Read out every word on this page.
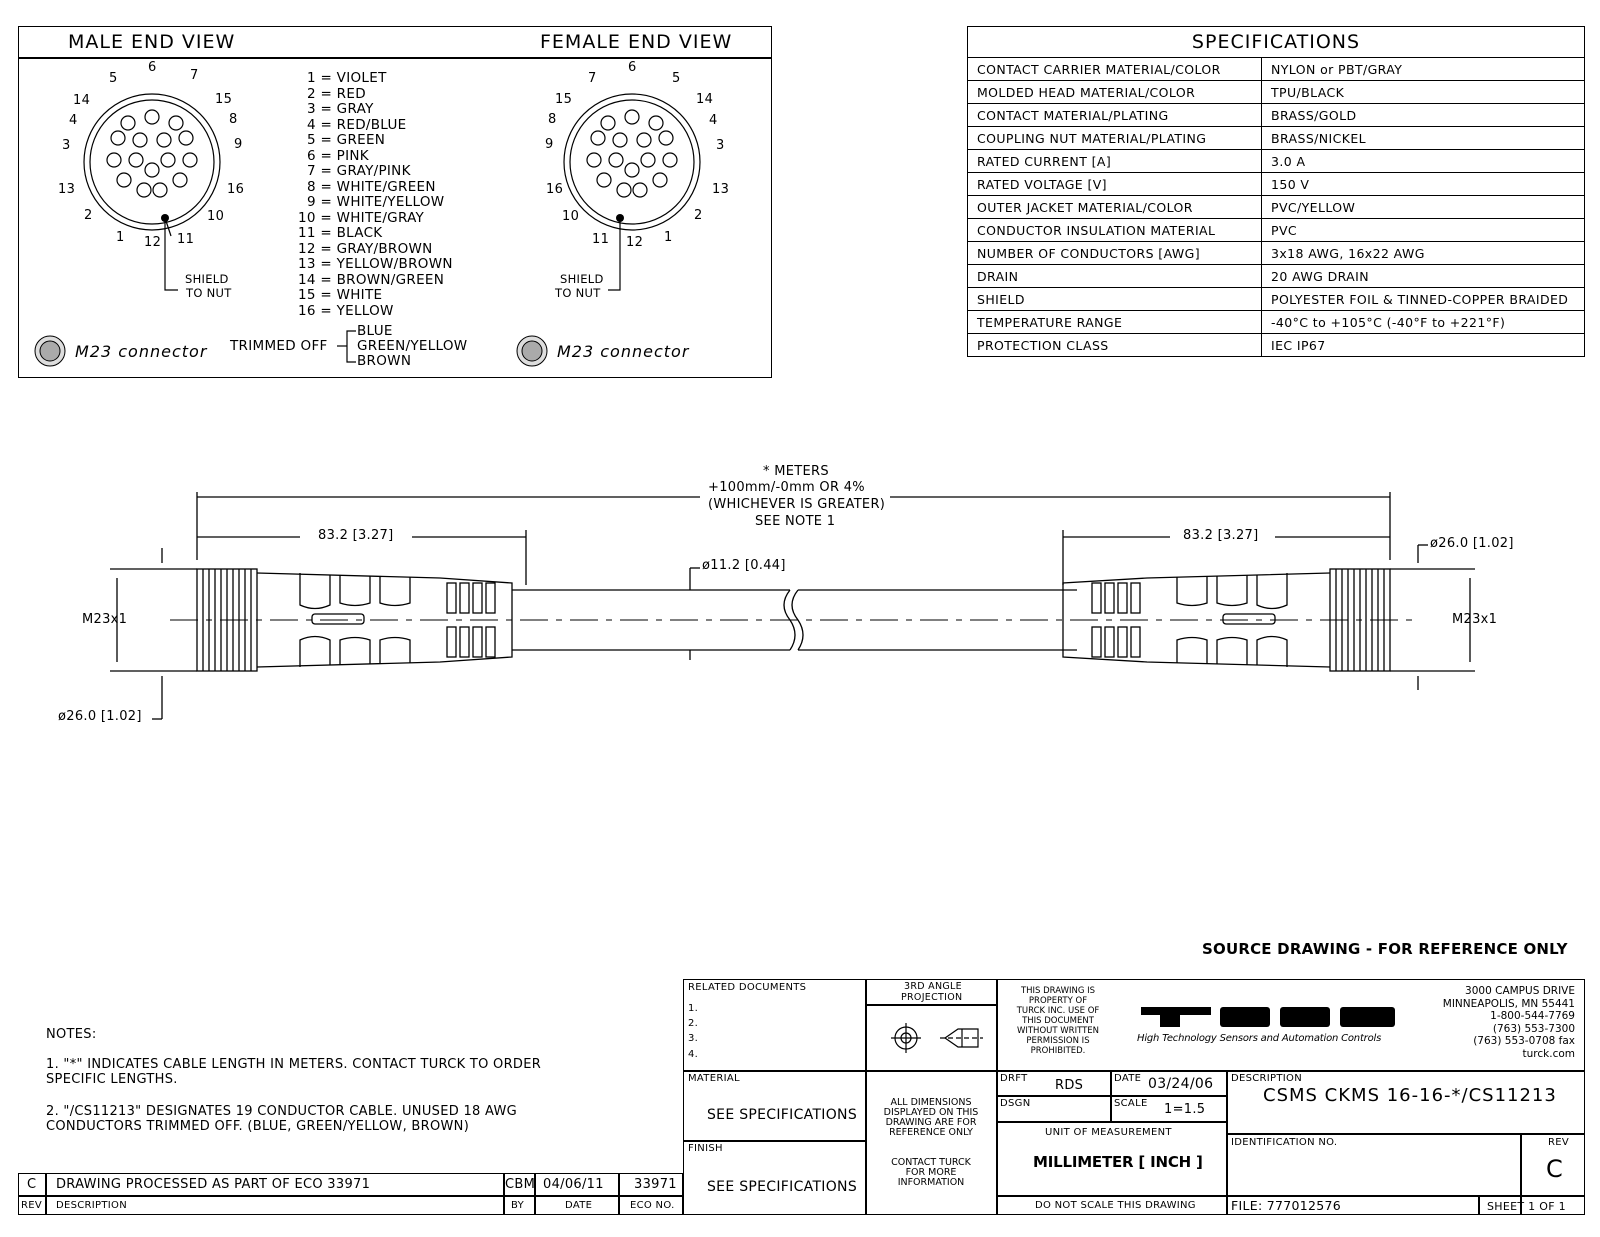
MALE END VIEW	FEMALE END VIEW
1
2
3
4
5
6
7
8
9
10
11
12
13
14	15
16
1
2
3
4
5
6
7
8
9
10
11 12
13
14
15
16
SHIELD
TO NUT
SHIELD
TO NUT
M23 connector	M23 connector
1 = VIOLET
2 = RED
3 = GRAY
4 = RED/BLUE
5 = GREEN
6 = PINK
7 = GRAY/PINK
8 = WHITE/GREEN
9 = WHITE/YELLOW
10 = WHITE/GRAY
11 = BLACK
12 = GRAY/BROWN
13 = YELLOW/BROWN
14 = BROWN/GREEN
15 = WHITE
16 = YELLOW
TRIMMED OFF
BLUE
GREEN/YELLOW
BROWN
SPECIFICATIONS	
CONTACT CARRIER MATERIAL/COLOR	NYLON or PBT/GRAY
MOLDED HEAD MATERIAL/COLOR	TPU/BLACK
CONTACT MATERIAL/PLATING	BRASS/GOLD
COUPLING NUT MATERIAL/PLATING	BRASS/NICKEL
RATED CURRENT [A]	3.0 A
RATED VOLTAGE [V]	150 V
OUTER JACKET MATERIAL/COLOR	PVC/YELLOW
CONDUCTOR INSULATION MATERIAL	PVC
NUMBER OF CONDUCTORS [AWG]	3x18 AWG, 16x22 AWG
DRAIN	20 AWG DRAIN
SHIELD	POLYESTER FOIL & TINNED-COPPER BRAIDED
TEMPERATURE RANGE	-40°C to +105°C (-40°F to +221°F)
PROTECTION CLASS	IEC IP67
* METERS
+100mm/-0mm OR 4%
(WHICHEVER IS GREATER)
SEE NOTE 1
83.2 [3.27]	83.2 [3.27]
ø11.2 [0.44]
ø26.0 [1.02]
ø26.0 [1.02]
M23x1	M23x1
SOURCE DRAWING - FOR REFERENCE ONLY
NOTES:
1. "*" INDICATES CABLE LENGTH IN METERS. CONTACT TURCK TO ORDER
SPECIFIC LENGTHS.
2. "/CS11213" DESIGNATES 19 CONDUCTOR CABLE. UNUSED 18 AWG
CONDUCTORS TRIMMED OFF. (BLUE, GREEN/YELLOW, BROWN)
C DRAWING PROCESSED AS PART OF ECO 33971	CBM 04/06/11 33971
REV DESCRIPTION	BY	DATE	ECO NO.
RELATED DOCUMENTS
1.
2.
3.
4.
3RD ANGLE
PROJECTION
THIS DRAWING IS
PROPERTY OF
TURCK INC. USE OF
THIS DOCUMENT
WITHOUT WRITTEN
PERMISSION IS
PROHIBITED.
High Technology Sensors and Automation Controls
3000 CAMPUS DRIVE
MINNEAPOLIS, MN 55441
1-800-544-7769
(763) 553-7300
(763) 553-0708 fax
turck.com
MATERIAL
SEE SPECIFICATIONS
FINISH
SEE SPECIFICATIONS
ALL DIMENSIONS
DISPLAYED ON THIS
DRAWING ARE FOR
REFERENCE ONLY
CONTACT TURCK
FOR MORE
INFORMATION
DRFT RDS	DATE 03/24/06
DSGN	SCALE 1=1.5
UNIT OF MEASUREMENT
MILLIMETER [ INCH ]
DO NOT SCALE THIS DRAWING
DESCRIPTION
CSMS CKMS 16-16-*/CS11213
IDENTIFICATION NO.	REV
C
FILE: 777012576	SHEET 1 OF 1
